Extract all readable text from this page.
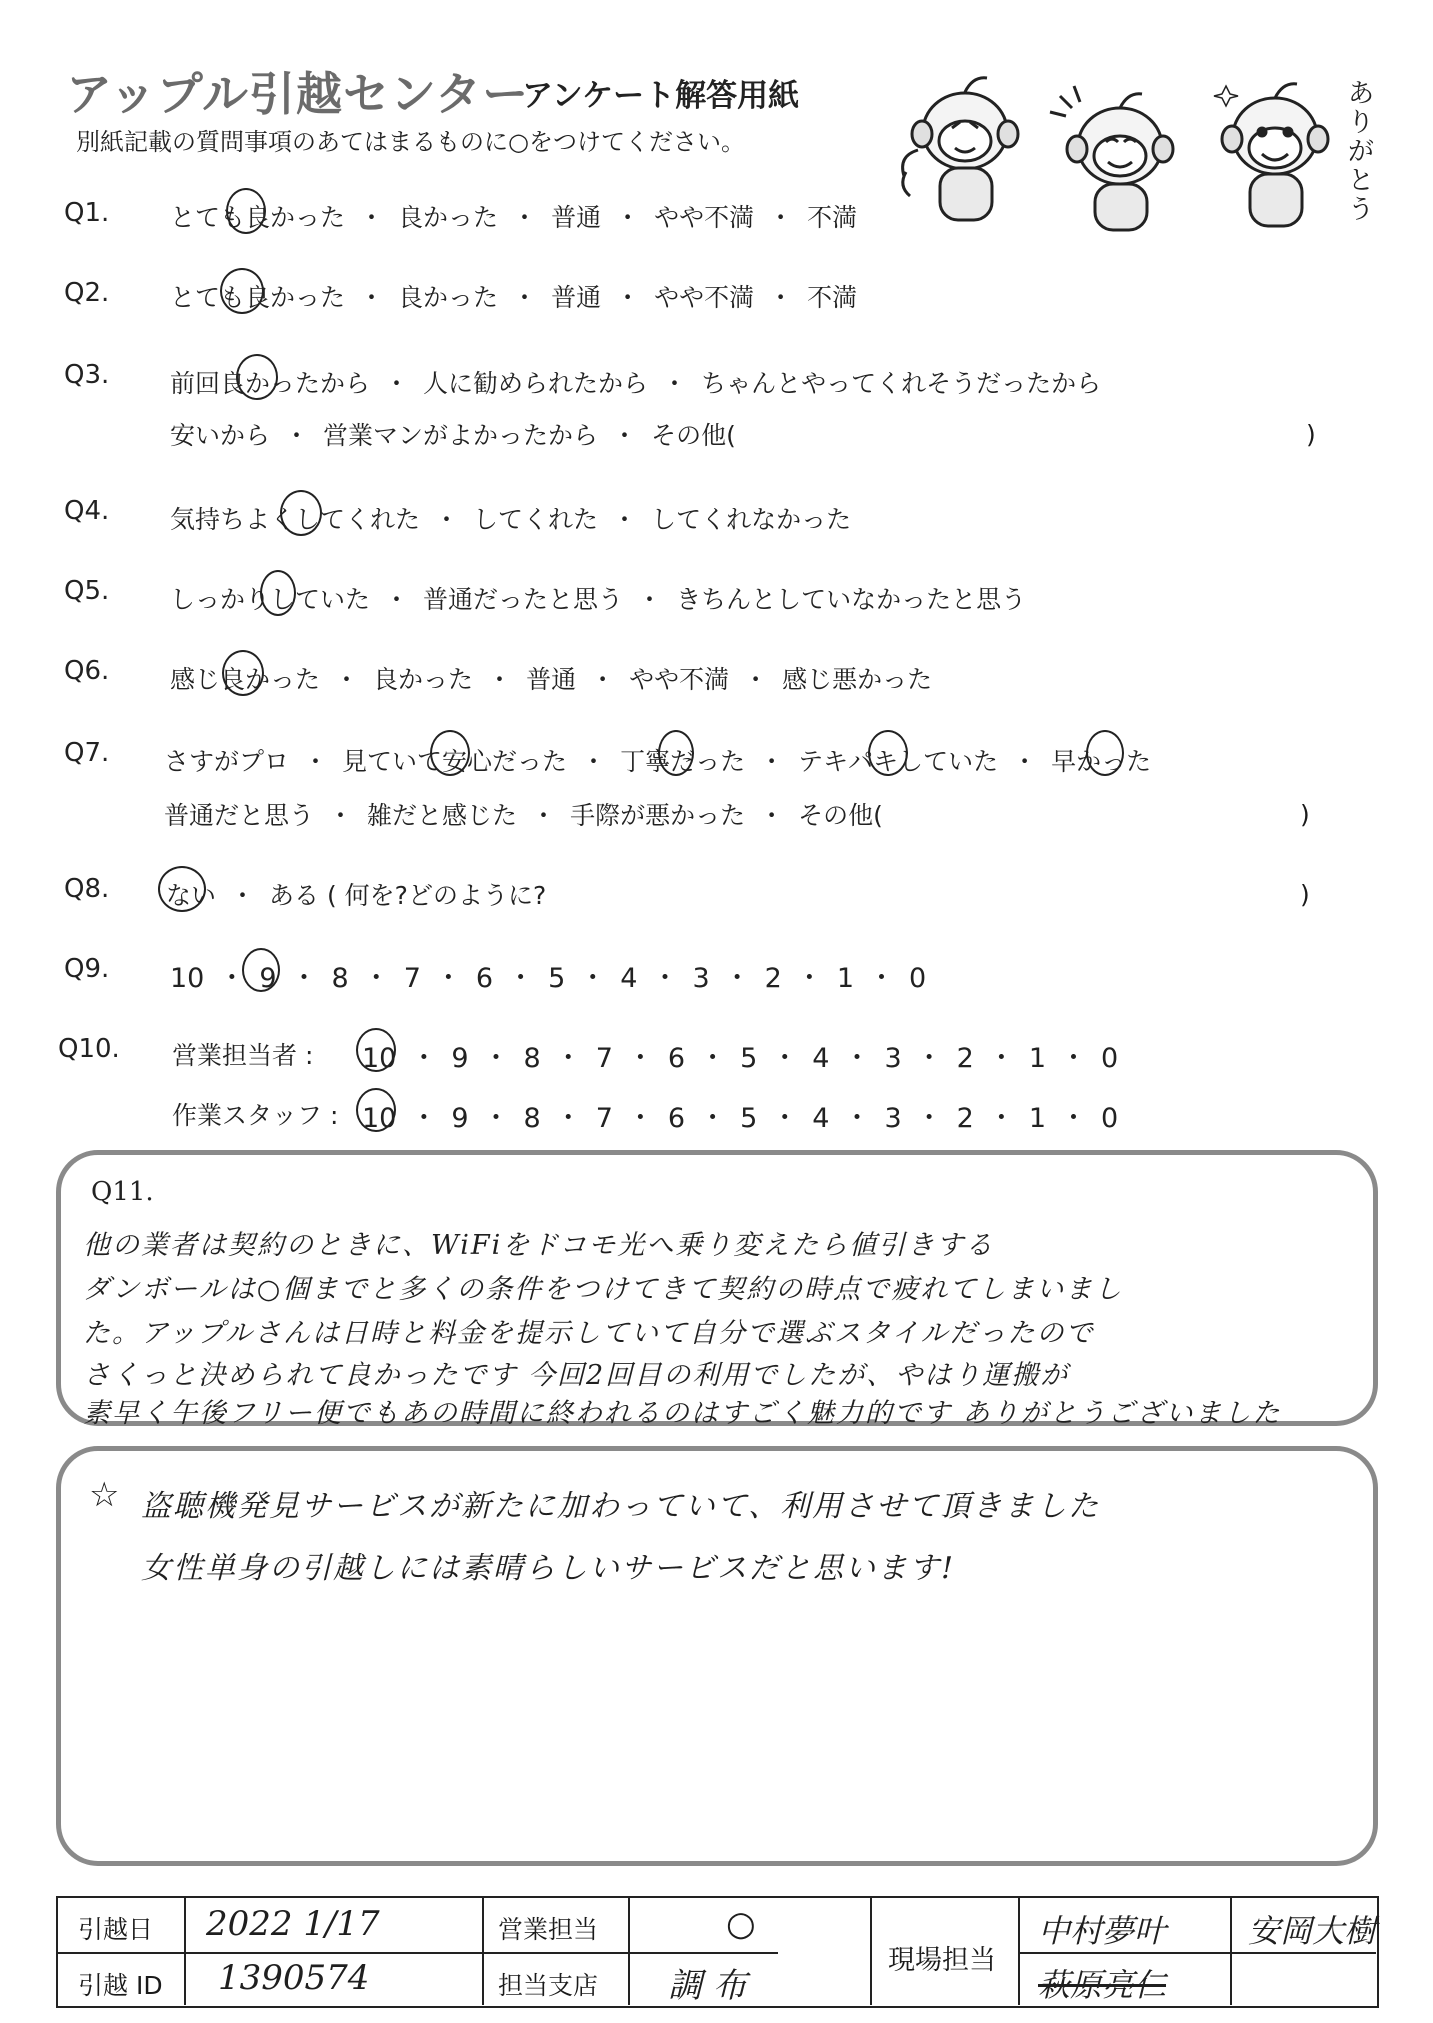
アップル引越センター
アンケート解答用紙
別紙記載の質問事項のあてはまるものに○をつけてください。
ありがとう
Q1. とても良かった ・ 良かった ・ 普通 ・ やや不満 ・ 不満
Q2. とても良かった ・ 良かった ・ 普通 ・ やや不満 ・ 不満
Q3. 前回良かったから ・ 人に勧められたから ・ ちゃんとやってくれそうだったから
安いから ・ 営業マンがよかったから ・ その他(	)
Q4. 気持ちよくしてくれた ・ してくれた ・ してくれなかった
Q5. しっかりしていた ・ 普通だったと思う ・ きちんとしていなかったと思う
Q6. 感じ良かった ・ 良かった ・ 普通 ・ やや不満 ・ 感じ悪かった
Q7. さすがプロ ・ 見ていて安心だった ・ 丁寧だった ・ テキパキしていた ・ 早かった
普通だと思う ・ 雑だと感じた ・ 手際が悪かった ・ その他(	)
Q8. ない ・ ある ( 何を?どのように?	)
Q9. 10 ・ 9 ・ 8 ・ 7 ・ 6 ・ 5 ・ 4 ・ 3 ・ 2 ・ 1 ・ 0
Q10. 営業担当者 : 10 ・ 9 ・ 8 ・ 7 ・ 6 ・ 5 ・ 4 ・ 3 ・ 2 ・ 1 ・ 0
作業スタッフ : 10 ・ 9 ・ 8 ・ 7 ・ 6 ・ 5 ・ 4 ・ 3 ・ 2 ・ 1 ・ 0
Q11.
他の業者は契約のときに、WiFiをドコモ光へ乗り変えたら値引きする
ダンボールは○個までと多くの条件をつけてきて契約の時点で疲れてしまいまし
た。アップルさんは日時と料金を提示していて自分で選ぶスタイルだったので
さくっと決められて良かったです 今回2回目の利用でしたが、やはり運搬が
素早く午後フリー便でもあの時間に終われるのはすごく魅力的です ありがとうございました
☆ 盗聴機発見サービスが新たに加わっていて、利用させて頂きました
女性単身の引越しには素晴らしいサービスだと思います!
引越日 2022 1/17
引越 ID 1390574
営業担当	○
担当支店 調 布
現場担当
中村夢叶	安岡大樹
萩原亮仁
